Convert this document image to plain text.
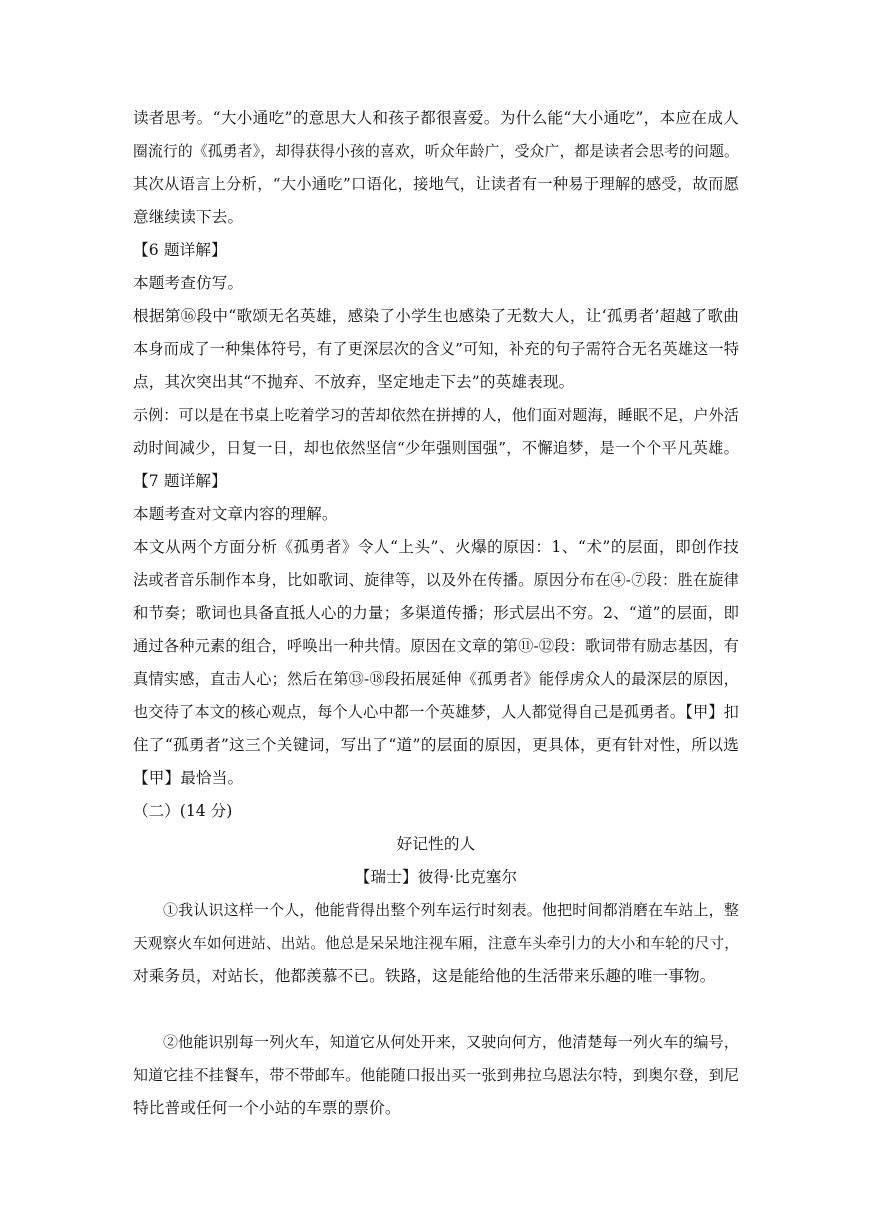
读者思考。“大小通吃”的意思大人和孩子都很喜爱。为什么能“大小通吃”，本应在成人
圈流行的《孤勇者》，却得获得小孩的喜欢，听众年龄广，受众广，都是读者会思考的问题。
其次从语言上分析，“大小通吃”口语化，接地气，让读者有一种易于理解的感受，故而愿
意继续读下去。
【6 题详解】
本题考查仿写。
根据第⑯段中“歌颂无名英雄，感染了小学生也感染了无数大人，让‘孤勇者’超越了歌曲
本身而成了一种集体符号，有了更深层次的含义”可知，补充的句子需符合无名英雄这一特
点，其次突出其“不抛弃、不放弃，坚定地走下去”的英雄表现。
示例：可以是在书桌上吃着学习的苦却依然在拼搏的人，他们面对题海，睡眠不足，户外活
动时间减少，日复一日，却也依然坚信“少年强则国强”，不懈追梦，是一个个平凡英雄。
【7 题详解】
本题考查对文章内容的理解。
本文从两个方面分析《孤勇者》令人“上头”、火爆的原因：1、“术”的层面，即创作技
法或者音乐制作本身，比如歌词、旋律等，以及外在传播。原因分布在④-⑦段：胜在旋律
和节奏；歌词也具备直抵人心的力量；多渠道传播；形式层出不穷。2、“道”的层面，即
通过各种元素的组合，呼唤出一种共情。原因在文章的第⑪-⑫段：歌词带有励志基因，有
真情实感，直击人心；然后在第⑬-⑱段拓展延伸《孤勇者》能俘虏众人的最深层的原因，
也交待了本文的核心观点，每个人心中都一个英雄梦，人人都觉得自己是孤勇者。【甲】扣
住了“孤勇者”这三个关键词，写出了“道”的层面的原因，更具体，更有针对性，所以选
【甲】最恰当。
（二）(14 分)
好记性的人
【瑞士】彼得·比克塞尔
①我认识这样一个人，他能背得出整个列车运行时刻表。他把时间都消磨在车站上，整
天观察火车如何进站、出站。他总是呆呆地注视车厢，注意车头牵引力的大小和车轮的尺寸，
对乘务员，对站长，他都羡慕不已。铁路，这是能给他的生活带来乐趣的唯一事物。
②他能识别每一列火车，知道它从何处开来，又驶向何方，他清楚每一列火车的编号，
知道它挂不挂餐车，带不带邮车。他能随口报出买一张到弗拉乌恩法尔特，到奥尔登，到尼
特比普或任何一个小站的车票的票价。
